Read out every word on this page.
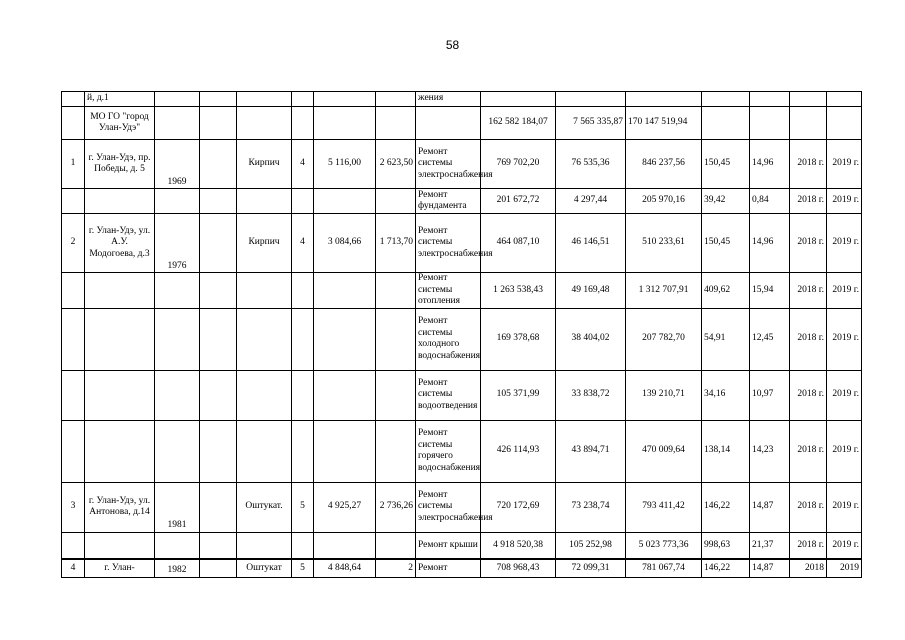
58
	й, д.1							жения							
	МО ГО "город Улан-Удэ"								162 582 184,07	7 565 335,87	170 147 519,94				
1	г. Улан-Удэ, пр. Победы, д. 5	1969		Кирпич	4	5 116,00	2 623,50	Ремонт системы электроснабжения	769 702,20	76 535,36	846 237,56	150,45	14,96	2018 г.	2019 г.
								Ремонт фундамента	201 672,72	4 297,44	205 970,16	39,42	0,84	2018 г.	2019 г.
2	г. Улан-Удэ, ул. А.У. Модогоева, д.3	1976		Кирпич	4	3 084,66	1 713,70	Ремонт системы электроснабжения	464 087,10	46 146,51	510 233,61	150,45	14,96	2018 г.	2019 г.
								Ремонт системы отопления	1 263 538,43	49 169,48	1 312 707,91	409,62	15,94	2018 г.	2019 г.
								Ремонт системы холодного водоснабжения	169 378,68	38 404,02	207 782,70	54,91	12,45	2018 г.	2019 г.
								Ремонт системы водоотведения	105 371,99	33 838,72	139 210,71	34,16	10,97	2018 г.	2019 г.
								Ремонт системы горячего водоснабжения	426 114,93	43 894,71	470 009,64	138,14	14,23	2018 г.	2019 г.
3	г. Улан-Удэ, ул. Антонова, д.14	1981		Оштукат.	5	4 925,27	2 736,26	Ремонт системы электроснабжения	720 172,69	73 238,74	793 411,42	146,22	14,87	2018 г.	2019 г.
								Ремонт крыши	4 918 520,38	105 252,98	5 023 773,36	998,63	21,37	2018 г.	2019 г.
4	г. Улан-	1982		Оштукат	5	4 848,64	2	Ремонт	708 968,43	72 099,31	781 067,74	146,22	14,87	2018	2019
